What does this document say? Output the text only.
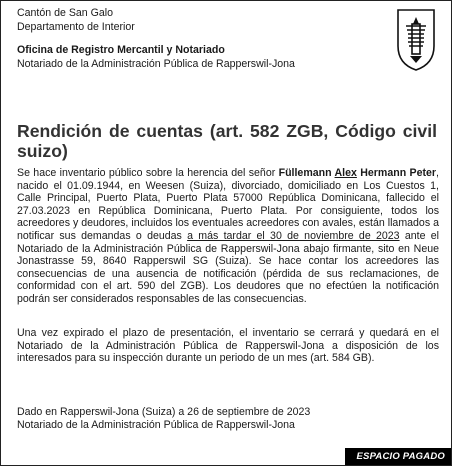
Cantón de San Galo
Departamento de Interior
Oficina de Registro Mercantil y Notariado
Notariado de la Administración Pública de Rapperswil-Jona
Rendición de cuentas (art. 582 ZGB, Código civil suizo)

Se hace inventario público sobre la herencia del señor Füllemann Alex Hermann Peter, nacido el 01.09.1944, en Weesen (Suiza), divorciado, domiciliado en Los Cuestos 1, Calle Principal, Puerto Plata, Puerto Plata 57000 República Dominicana, fallecido el 27.03.2023 en República Dominicana, Puerto Plata. Por consiguiente, todos los acreedores y deudores, incluidos los eventuales acreedores con avales, están llamados a notificar sus demandas o deudas a más tardar el 30 de noviembre de 2023 ante el Notariado de la Administración Pública de Rapperswil-Jona abajo firmante, sito en Neue Jonastrasse 59, 8640 Rapperswil SG (Suiza). Se hace contar los acreedores las consecuencias de una ausencia de notificación (pérdida de sus reclamaciones, de conformidad con el art. 590 del ZGB). Los deudores que no efectúen la notificación podrán ser considerados responsables de las consecuencias.

Una vez expirado el plazo de presentación, el inventario se cerrará y quedará en el Notariado de la Administración Pública de Rapperswil-Jona a disposición de los interesados para su inspección durante un periodo de un mes (art. 584 GB).

Dado en Rapperswil-Jona (Suiza) a 26 de septiembre de 2023

Notariado de la Administración Pública de Rapperswil-Jona

ESPACIO PAGADO
